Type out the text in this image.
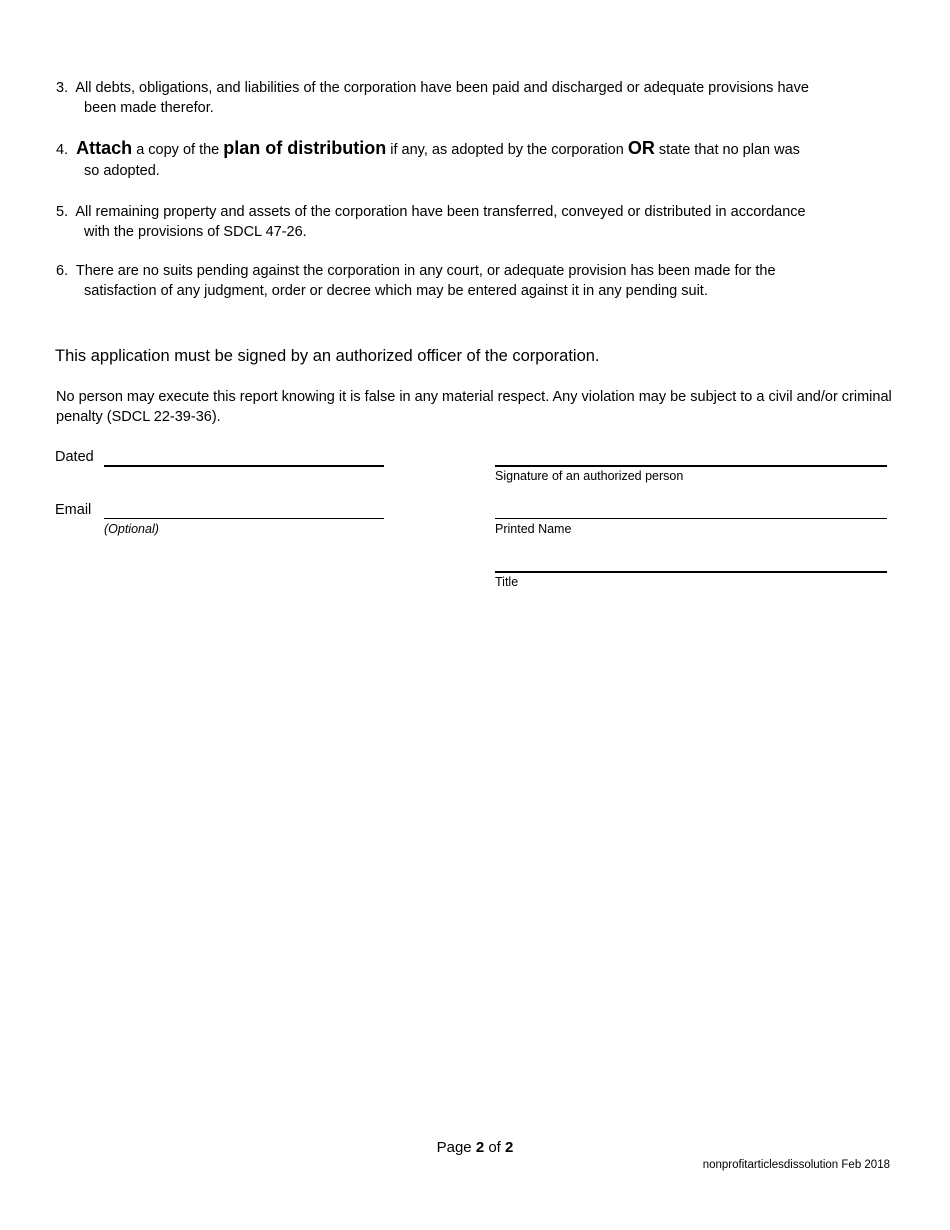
3. All debts, obligations, and liabilities of the corporation have been paid and discharged or adequate provisions have
been made therefor.
4. Attach a copy of the plan of distribution if any, as adopted by the corporation OR state that no plan was
so adopted.
5. All remaining property and assets of the corporation have been transferred, conveyed or distributed in accordance
with the provisions of SDCL 47-26.
6. There are no suits pending against the corporation in any court, or adequate provision has been made for the
satisfaction of any judgment, order or decree which may be entered against it in any pending suit.
This application must be signed by an authorized officer of the corporation.
No person may execute this report knowing it is false in any material respect. Any violation may be subject to a civil and/or criminal penalty (SDCL 22-39-36).
Dated
Signature of an authorized person
Email
(Optional)	Printed Name
Title
Page 2 of 2
nonprofitarticlesdissolution Feb 2018
